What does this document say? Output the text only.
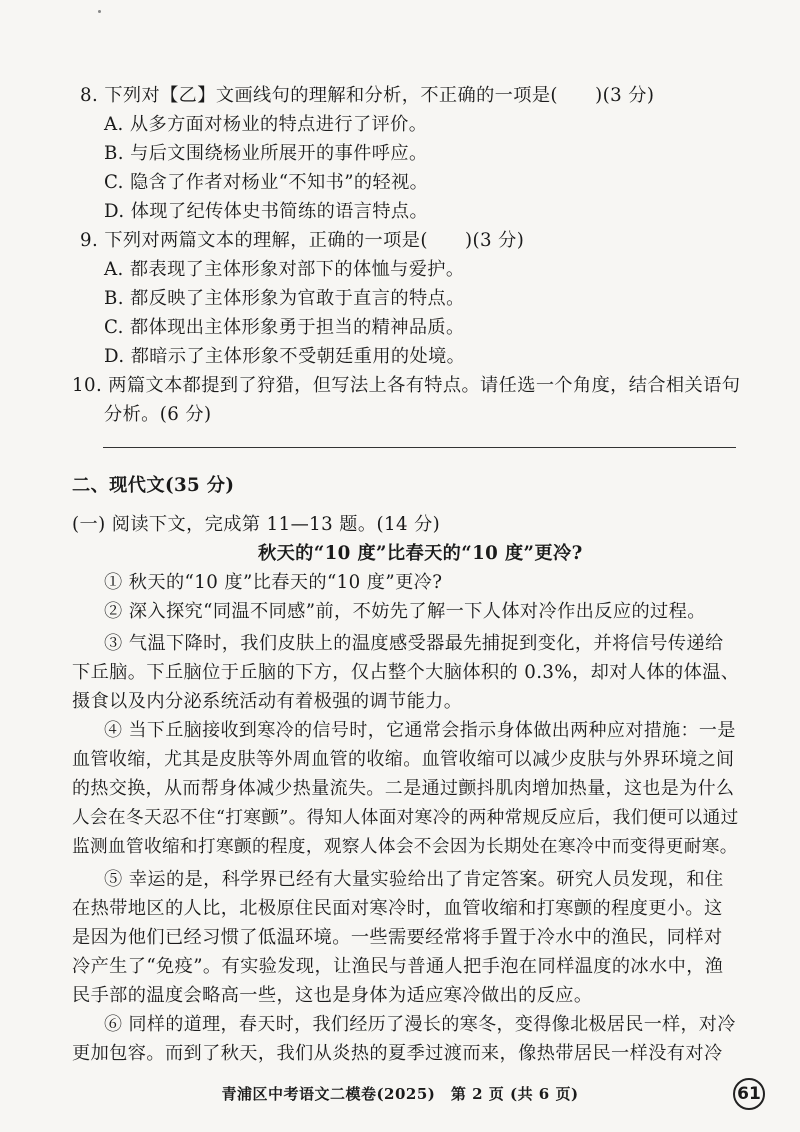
8. 下列对【乙】文画线句的理解和分析，不正确的一项是(　　)(3 分)
A. 从多方面对杨业的特点进行了评价。
B. 与后文围绕杨业所展开的事件呼应。
C. 隐含了作者对杨业“不知书”的轻视。
D. 体现了纪传体史书简练的语言特点。
9. 下列对两篇文本的理解，正确的一项是(　　)(3 分)
A. 都表现了主体形象对部下的体恤与爱护。
B. 都反映了主体形象为官敢于直言的特点。
C. 都体现出主体形象勇于担当的精神品质。
D. 都暗示了主体形象不受朝廷重用的处境。
10. 两篇文本都提到了狩猎，但写法上各有特点。请任选一个角度，结合相关语句
分析。(6 分)
二、现代文(35 分)
(一) 阅读下文，完成第 11—13 题。(14 分)
秋天的“10 度”比春天的“10 度”更冷?
① 秋天的“10 度”比春天的“10 度”更冷?
② 深入探究“同温不同感”前，不妨先了解一下人体对冷作出反应的过程。
③ 气温下降时，我们皮肤上的温度感受器最先捕捉到变化，并将信号传递给
下丘脑。下丘脑位于丘脑的下方，仅占整个大脑体积的 0.3%，却对人体的体温、
摄食以及内分泌系统活动有着极强的调节能力。
④ 当下丘脑接收到寒冷的信号时，它通常会指示身体做出两种应对措施：一是
血管收缩，尤其是皮肤等外周血管的收缩。血管收缩可以减少皮肤与外界环境之间
的热交换，从而帮身体减少热量流失。二是通过颤抖肌肉增加热量，这也是为什么
人会在冬天忍不住“打寒颤”。得知人体面对寒冷的两种常规反应后，我们便可以通过
监测血管收缩和打寒颤的程度，观察人体会不会因为长期处在寒冷中而变得更耐寒。
⑤ 幸运的是，科学界已经有大量实验给出了肯定答案。研究人员发现，和住
在热带地区的人比，北极原住民面对寒冷时，血管收缩和打寒颤的程度更小。这
是因为他们已经习惯了低温环境。一些需要经常将手置于冷水中的渔民，同样对
冷产生了“免疫”。有实验发现，让渔民与普通人把手泡在同样温度的冰水中，渔
民手部的温度会略高一些，这也是身体为适应寒冷做出的反应。
⑥ 同样的道理，春天时，我们经历了漫长的寒冬，变得像北极居民一样，对冷
更加包容。而到了秋天，我们从炎热的夏季过渡而来，像热带居民一样没有对冷
青浦区中考语文二模卷(2025)　第 2 页 (共 6 页)	61
